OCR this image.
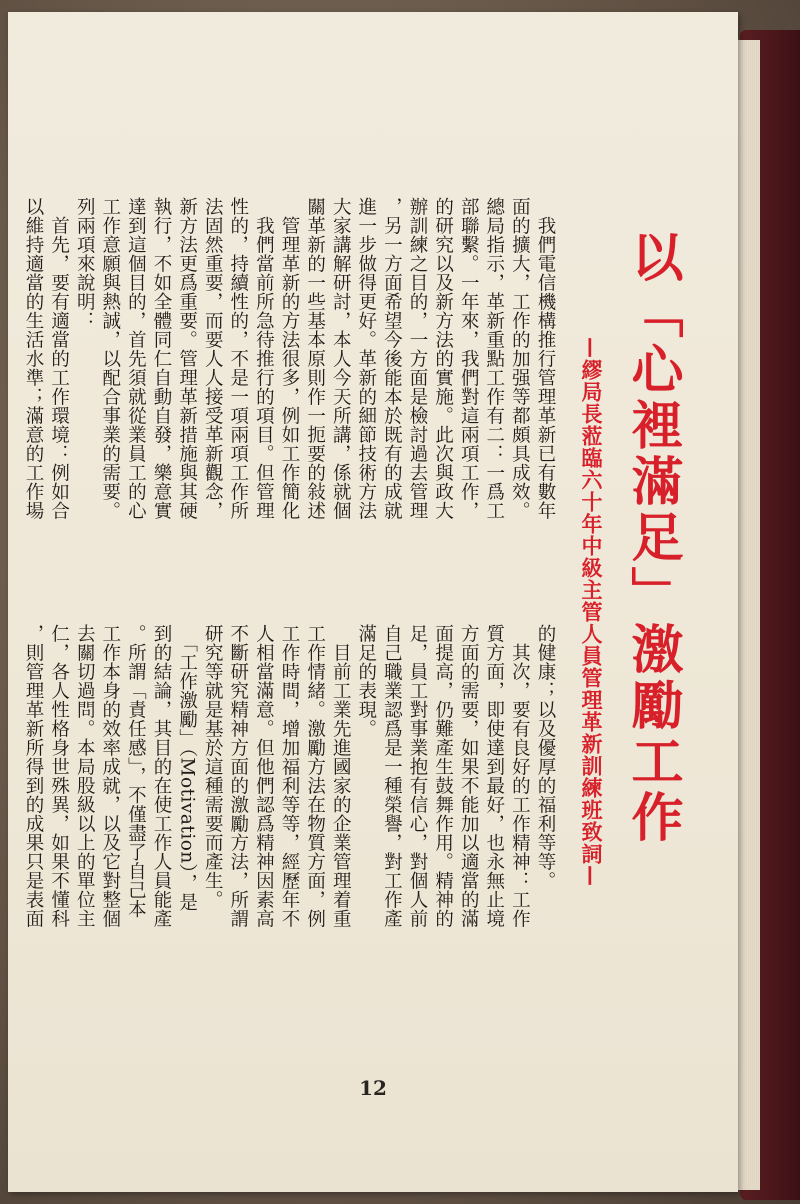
以「心裡滿足」激勵工作
—繆局長蒞臨六十年中級主管人員管理革新訓練班致詞—
　我們電信機構推行管理革新已有數年
面的擴大，工作的加强等都頗具成效。
總局指示，革新重點工作有二：一爲工
部聯繫。一年來，我們對這兩項工作，
的研究以及新方法的實施。此次與政大
辦訓練之目的，一方面是檢討過去管理
，另一方面希望今後能本於既有的成就
進一步做得更好。革新的細節技術方法
大家講解研討，本人今天所講，係就個
關革新的一些基本原則作一扼要的敍述
　管理革新的方法很多，例如工作簡化
　我們當前所急待推行的項目。但管理
性的，持續性的，不是一項兩項工作所
法固然重要，而要人人接受革新觀念，
新方法更爲重要。管理革新措施與其硬
執行，不如全體同仁自動自發，樂意實
達到這個目的，首先須就從業員工的心
工作意願與熱誠，以配合事業的需要。
列兩項來說明：
　首先，要有適當的工作環境：例如合
以維持適當的生活水準；滿意的工作場
的健康；以及優厚的福利等等。
　其次，要有良好的工作精神：工作
質方面，即使達到最好，也永無止境
方面的需要，如果不能加以適當的滿
面提高，仍難產生鼓舞作用。精神的
足，員工對事業抱有信心，對個人前
自己職業認爲是一種榮譽，對工作產
滿足的表現。
　目前工業先進國家的企業管理着重
工作情緒。激勵方法在物質方面，例
工作時間，增加福利等等，經歷年不
人相當滿意。但他們認爲精神因素高
不斷研究精神方面的激勵方法，所謂
研究等就是基於這種需要而產生。
　「工作激勵」（Motivation），是
到的結論，其目的在使工作人員能產
。所謂「責任感」，不僅盡了自己本
工作本身的效率成就，以及它對整個
去關切過問。本局股級以上的單位主
仁，各人性格身世殊異，如果不懂科
，則管理革新所得到的成果只是表面
12
